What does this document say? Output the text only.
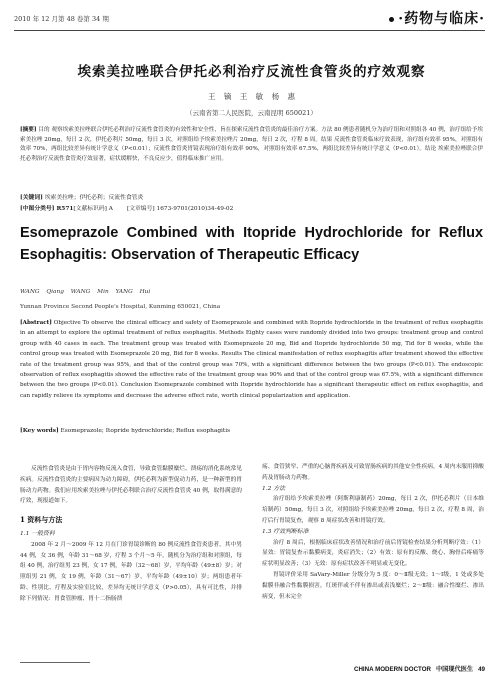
2010 年 12 月第 48 卷第 34 期	·药物与临床·
埃索美拉唑联合伊托必利治疗反流性食管炎的疗效观察
王 镝 王 敏 杨 惠
（云南省第二人民医院，云南昆明 650021）
[摘要] 目的 观察埃索美拉唑联合伊托必利治疗反流性食管炎的有效性和安全性，旨在探索反流性食管炎的最佳治疗方案。方法 80 例患者随机分为治疗组和对照组各 40 例，治疗组给予埃索美拉唑 20mg，每日 2 次，伊托必利片 50mg，每日 3 次，对照组给予埃索美拉唑片 20mg，每日 2 次，疗程 8 周。结果 反流性食管炎临床疗效表现，治疗组有效率 95%，对照组有效率 70%，两组比较差异有统计学意义（P<0.01）；反流性食管炎胃镜表现治疗组有效率 90%，对照组有效率 67.5%，两组比较差异有统计学意义（P<0.01）。结论 埃索美拉唑联合伊托必利治疗反流性食管炎疗效显著，症状缓解快，不良反应少，值得临床推广应用。
[关键词] 埃索美拉唑；伊托必利；反流性食管炎
[中图分类号] R571[文献标识码] A [文章编号] 1673-9701(2010)34-49-02
Esomeprazole Combined with Itopride Hydrochloride for Reflux
Esophagitis: Observation of Therapeutic Efficacy
WANG Qiang WANG Min YANG Hui
Yunnan Province Second People's Hospital, Kunming 650021, China
[Abstract] Objective To observe the clinical efficacy and safety of Esomeprazole and combined with Itopride hydrochloride in the treatment of reflux esophagitis in an attempt to explore the optimal treatment of reflux esophagitis. Methods Eighty cases were randomly divided into two groups: treatment group and control group with 40 cases in each. The treatment group was treated with Esomeprazole 20 mg, Bid and Itopride hydrochloride 50 mg, Tid for 8 weeks, while the control group was treated with Esomeprazole 20 mg, Bid for 8 weeks. Results The clinical manifestation of reflux esophagitis after treatment showed the effective rate of the treatment group was 95%, and that of the control group was 70%, with a significant difference between the two groups (P<0.01). The endoscopic observation of reflux esophagitis showed the effective rate of the treatment group was 90% and that of the control group was 67.5%, with a significant difference between the two groups (P<0.01). Conclusion Esomeprazole combined with Itopride hydrochloride has a significant therapeutic effect on reflux esophagitis, and can rapidly relieve its symptoms and decrease the adverse effect rate, worth clinical popularization and application.
[Key words] Esomeprazole; Itopride hydrochloride; Reflux esophagitis

反流性食管炎是由于胃内容物反流入食管，导致食管黏膜糜烂、溃疡的消化系统常见疾病。反流性食管炎的主要病因为动力障碍，伊托必利为新型促动力药，是一种新型的胃肠动力药物。我们应用埃索美拉唑与伊托必利联合治疗反流性食管炎 40 例，取得满意的疗效，现报道如下。

1 资料与方法
1.1 一般资料

2008 年 2 月～2009 年 12 月在门诊胃镜诊断的 80 例反流性食管炎患者，其中男 44 例，女 36 例，年龄 31～68 岁，疗程 3 个月～5 年，随机分为治疗组和对照组，每组 40 例，治疗组男 23 例，女 17 例，年龄（32～68）岁，平均年龄（49±8）岁；对照组男 21 例，女 19 例，年龄（31～67）岁，平均年龄（49±10）岁；两组患者年龄、性别比、疗程及实验室比较，差异均无统计学意义（P>0.05），具有可比性，并排除下列情况：胃食管肿瘤、胃十二指肠溃

疡、食管狭窄、严重的心脑肾疾病及可致胃肠疾病的其他安全性疾病，4 周内未服用抑酸药及胃肠动力药物。

1.2 方法

治疗组给予埃索美拉唑（阿斯利康制药）20mg，每日 2 次，伊托必利片（日本维培制药）50mg，每日 3 次，对照组给予埃索美拉唑 20mg，每日 2 次，疗程 8 周，治疗后行胃镜复查，观察 8 周症状改善和胃镜疗效。

1.3 疗效判断标准

治疗 8 周后，根据临床症状改善情况和治疗前后胃镜检查结果分析判断疗效：（1）显效：胃镜复查示黏膜病变，炎症消失；（2）有效：原有的反酸、烧心、胸骨后疼痛等症状明显改善；（3）无效：原有症状改善不明显或无变化。

胃镜评价采用 SaVary-Miller 分级分为 5 度：0～Ⅱ级无效；1～Ⅰ级，1 处或多处黏膜非融合性黏膜损害，红斑伴或不伴有渗出或表浅糜烂；2～Ⅱ级：融合性糜烂、渗出病变，但未完全

CHINA MODERN DOCTOR 中国现代医生 49
